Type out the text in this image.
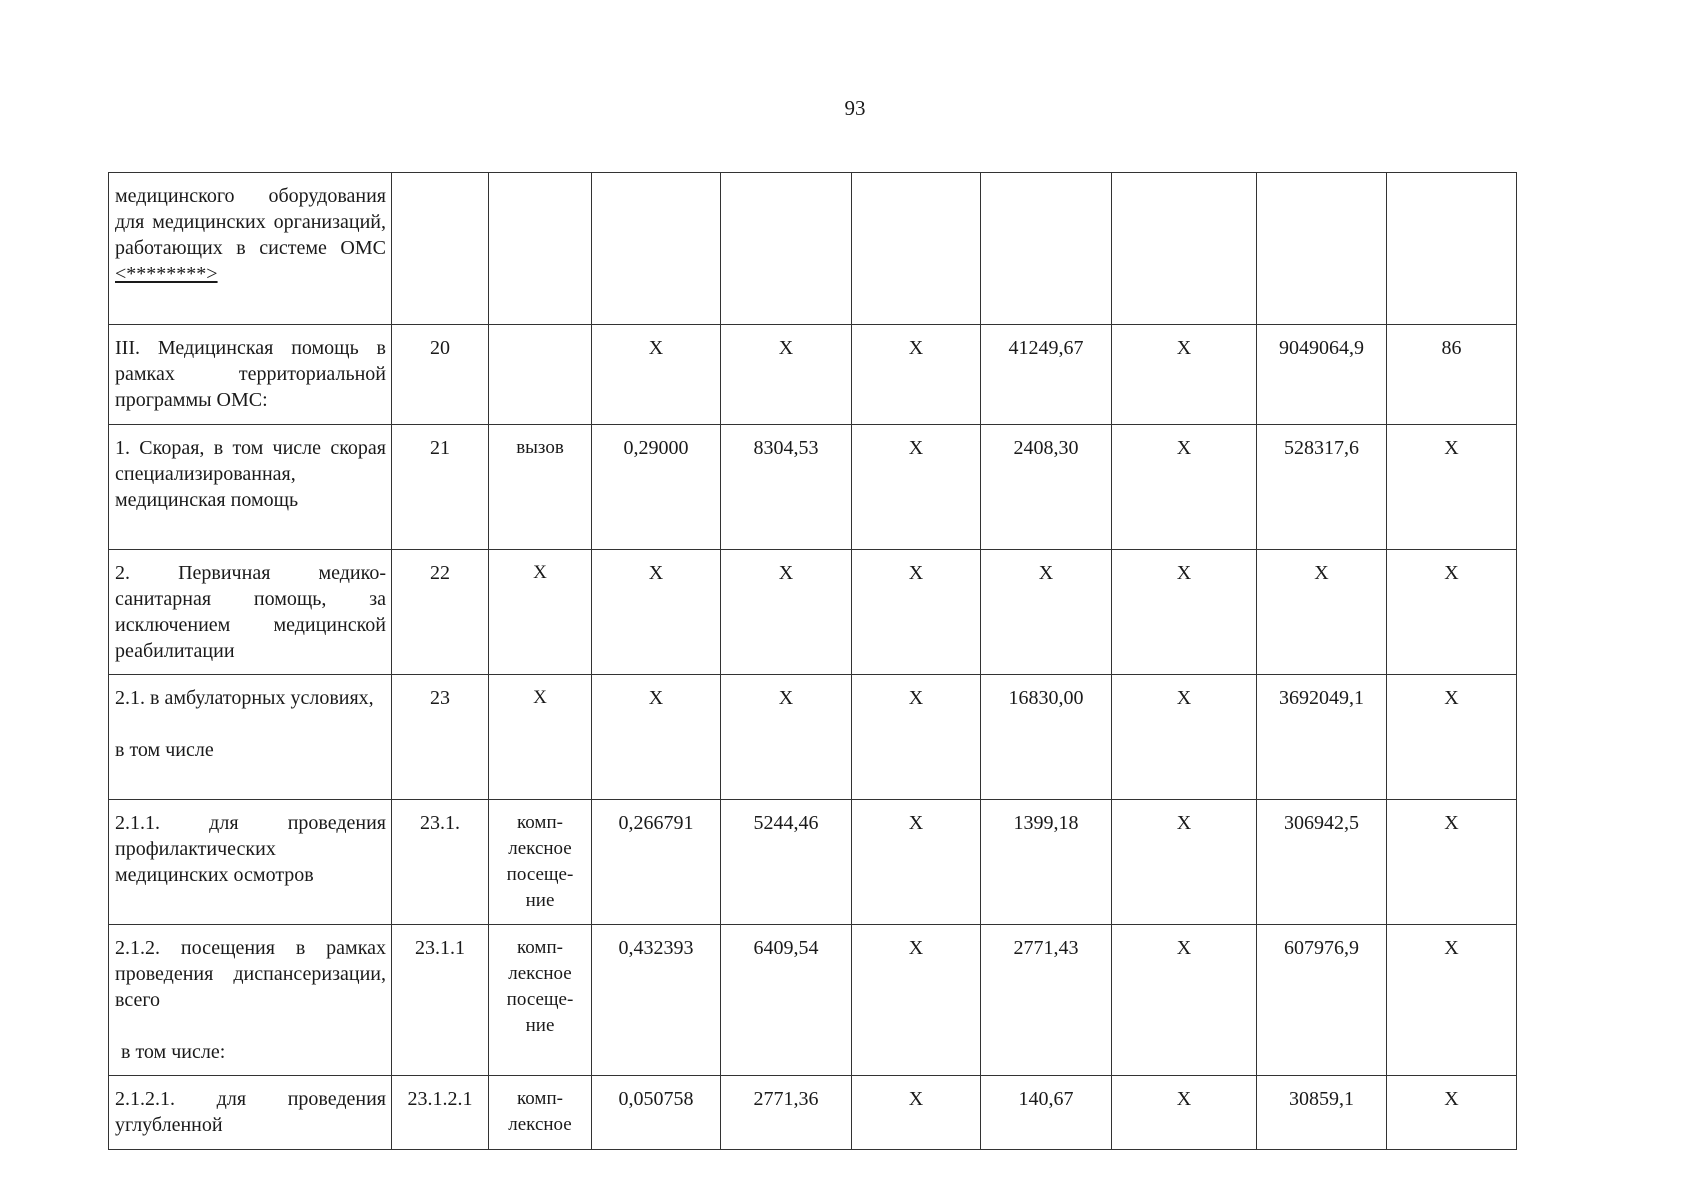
93
медицинского оборудования для медицинских организаций, работающих в системе ОМС <********>									
III. Медицинская помощь в рамках территориальной программы ОМС:	20		X	X	X	41249,67	X	9049064,9	86
1. Скорая, в том числе скорая специализированная, медицинская помощь	21	вызов	0,29000	8304,53	X	2408,30	X	528317,6	X
2. Первичная медико-санитарная помощь, за исключением медицинской реабилитации	22	X	X	X	X	X	X	X	X
2.1. в амбулаторных условиях,
в том числе	23	X	X	X	X	16830,00	X	3692049,1	X
2.1.1. для проведения профилактических медицинских осмотров	23.1.	комп-лексное посеще-ние	0,266791	5244,46	X	1399,18	X	306942,5	X
2.1.2. посещения в рамках проведения диспансеризации, всего
в том числе:	23.1.1	комп-лексное посеще-ние	0,432393	6409,54	X	2771,43	X	607976,9	X
2.1.2.1. для проведения углубленной	23.1.2.1	комп-лексное	0,050758	2771,36	X	140,67	X	30859,1	X
